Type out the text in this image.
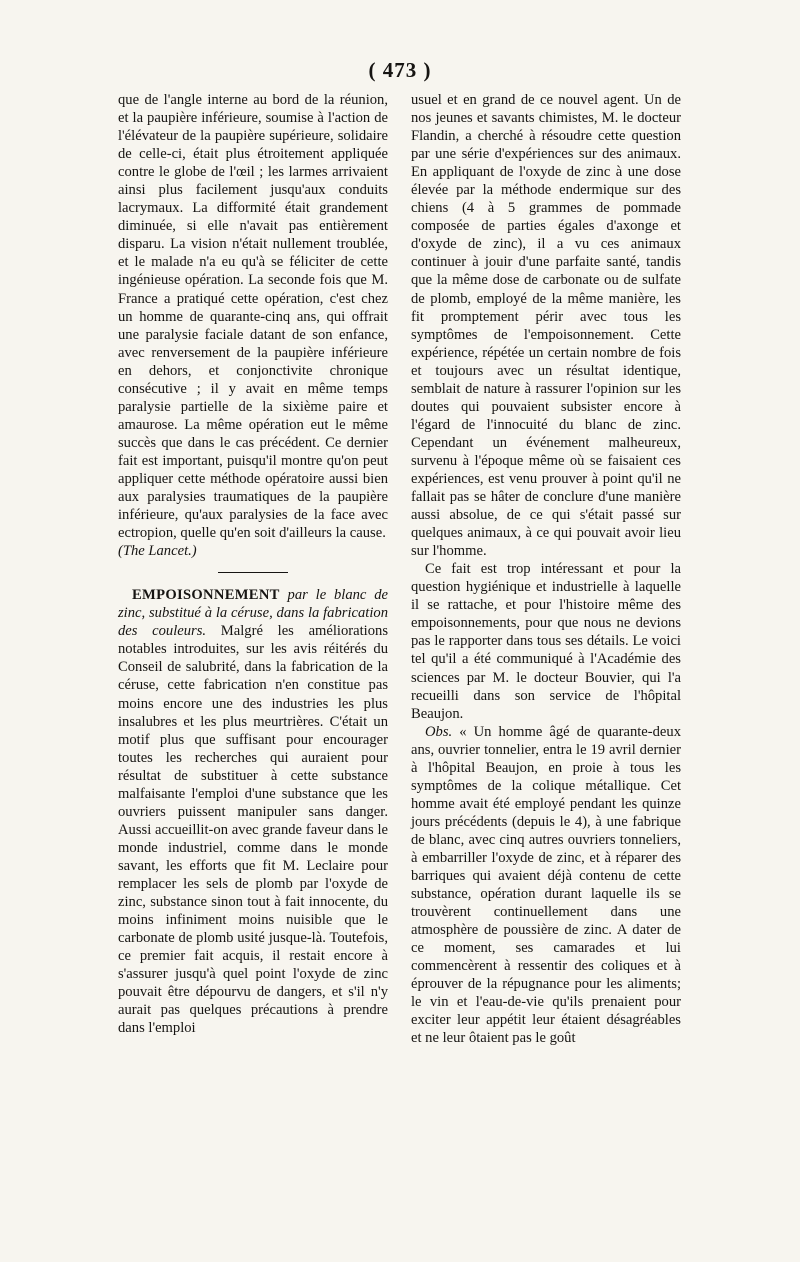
( 473 )

que de l'angle interne au bord de la réunion, et la paupière inférieure, soumise à l'action de l'élévateur de la paupière supérieure, solidaire de celle-ci, était plus étroitement appliquée contre le globe de l'œil ; les larmes arrivaient ainsi plus facilement jusqu'aux conduits lacrymaux. La difformité était grandement diminuée, si elle n'avait pas entièrement disparu. La vision n'était nullement troublée, et le malade n'a eu qu'à se féliciter de cette ingénieuse opération. La seconde fois que M. France a pratiqué cette opération, c'est chez un homme de quarante-cinq ans, qui offrait une paralysie faciale datant de son enfance, avec renversement de la paupière inférieure en dehors, et conjonctivite chronique consécutive ; il y avait en même temps paralysie partielle de la sixième paire et amaurose. La même opération eut le même succès que dans le cas précédent. Ce dernier fait est important, puisqu'il montre qu'on peut appliquer cette méthode opératoire aussi bien aux paralysies traumatiques de la paupière inférieure, qu'aux paralysies de la face avec ectropion, quelle qu'en soit d'ailleurs la cause.

(The Lancet.)

EMPOISONNEMENT par le blanc de zinc, substitué à la céruse, dans la fabrication des couleurs. Malgré les améliorations notables introduites, sur les avis réitérés du Conseil de salubrité, dans la fabrication de la céruse, cette fabrication n'en constitue pas moins encore une des industries les plus insalubres et les plus meurtrières. C'était un motif plus que suffisant pour encourager toutes les recherches qui auraient pour résultat de substituer à cette substance malfaisante l'emploi d'une substance que les ouvriers puissent manipuler sans danger. Aussi accueillit-on avec grande faveur dans le monde industriel, comme dans le monde savant, les efforts que fit M. Leclaire pour remplacer les sels de plomb par l'oxyde de zinc, substance sinon tout à fait innocente, du moins infiniment moins nuisible que le carbonate de plomb usité jusque-là. Toutefois, ce premier fait acquis, il restait encore à s'assurer jusqu'à quel point l'oxyde de zinc pouvait être dépourvu de dangers, et s'il n'y aurait pas quelques précautions à prendre dans l'emploi

usuel et en grand de ce nouvel agent. Un de nos jeunes et savants chimistes, M. le docteur Flandin, a cherché à résoudre cette question par une série d'expériences sur des animaux. En appliquant de l'oxyde de zinc à une dose élevée par la méthode endermique sur des chiens (4 à 5 grammes de pommade composée de parties égales d'axonge et d'oxyde de zinc), il a vu ces animaux continuer à jouir d'une parfaite santé, tandis que la même dose de carbonate ou de sulfate de plomb, employé de la même manière, les fit promptement périr avec tous les symptômes de l'empoisonnement. Cette expérience, répétée un certain nombre de fois et toujours avec un résultat identique, semblait de nature à rassurer l'opinion sur les doutes qui pouvaient subsister encore à l'égard de l'innocuité du blanc de zinc. Cependant un événement malheureux, survenu à l'époque même où se faisaient ces expériences, est venu prouver à point qu'il ne fallait pas se hâter de conclure d'une manière aussi absolue, de ce qui s'était passé sur quelques animaux, à ce qui pouvait avoir lieu sur l'homme.

Ce fait est trop intéressant et pour la question hygiénique et industrielle à laquelle il se rattache, et pour l'histoire même des empoisonnements, pour que nous ne devions pas le rapporter dans tous ses détails. Le voici tel qu'il a été communiqué à l'Académie des sciences par M. le docteur Bouvier, qui l'a recueilli dans son service de l'hôpital Beaujon.

Obs. « Un homme âgé de quarante-deux ans, ouvrier tonnelier, entra le 19 avril dernier à l'hôpital Beaujon, en proie à tous les symptômes de la colique métallique. Cet homme avait été employé pendant les quinze jours précédents (depuis le 4), à une fabrique de blanc, avec cinq autres ouvriers tonneliers, à embarriller l'oxyde de zinc, et à réparer des barriques qui avaient déjà contenu de cette substance, opération durant laquelle ils se trouvèrent continuellement dans une atmosphère de poussière de zinc. A dater de ce moment, ses camarades et lui commencèrent à ressentir des coliques et à éprouver de la répugnance pour les aliments; le vin et l'eau-de-vie qu'ils prenaient pour exciter leur appétit leur étaient désagréables et ne leur ôtaient pas le goût
